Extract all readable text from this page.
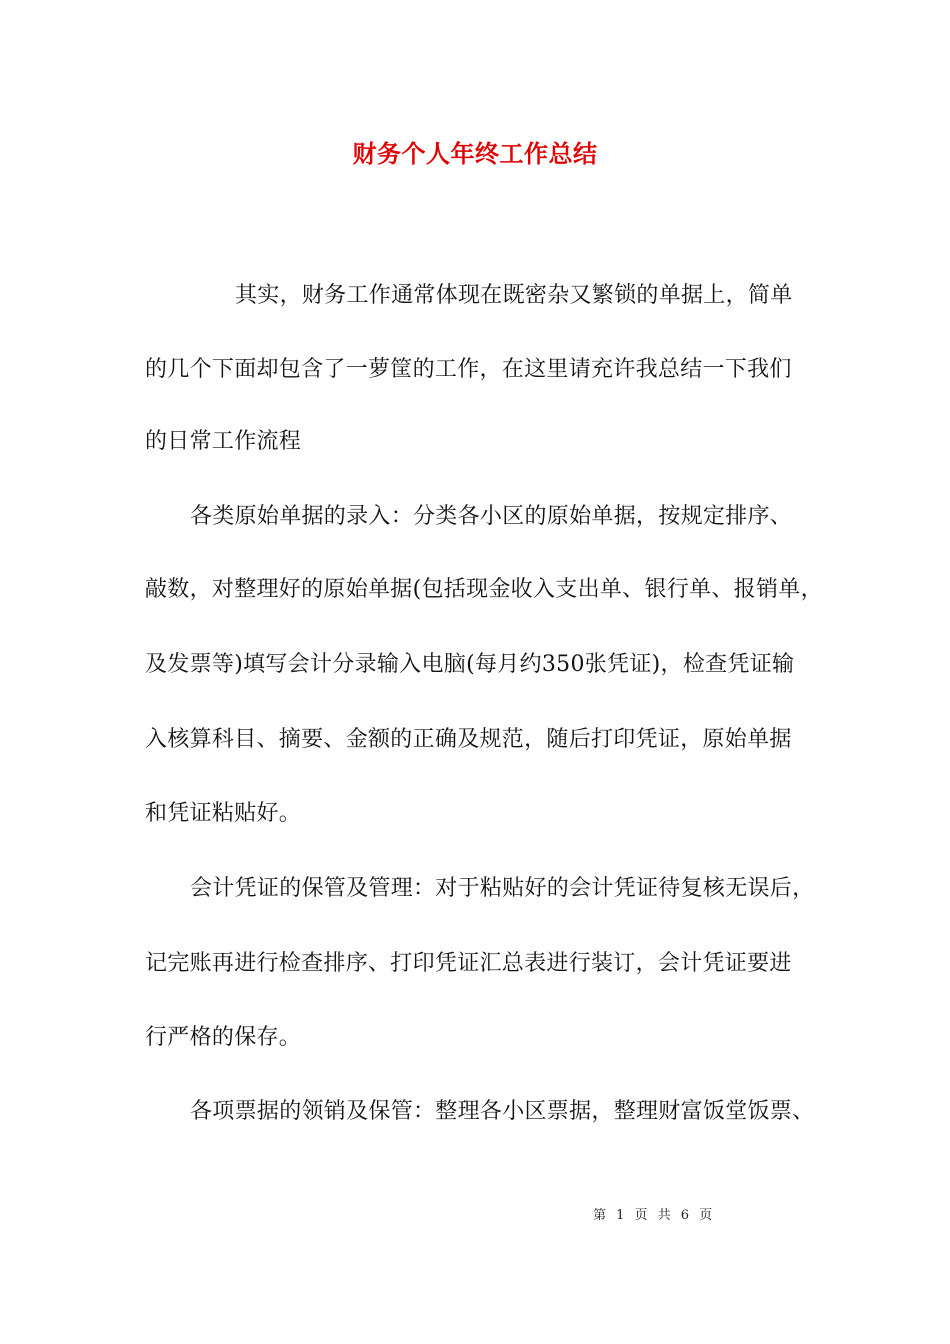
财务个人年终工作总结
其实，财务工作通常体现在既密杂又繁锁的单据上，简单
的几个下面却包含了一萝筐的工作，在这里请充许我总结一下我们
的日常工作流程
各类原始单据的录入：分类各小区的原始单据，按规定排序、
敲数，对整理好的原始单据(包括现金收入支出单、银行单、报销单，
及发票等)填写会计分录输入电脑(每月约350张凭证)，检查凭证输
入核算科目、摘要、金额的正确及规范，随后打印凭证，原始单据
和凭证粘贴好。
会计凭证的保管及管理：对于粘贴好的会计凭证待复核无误后，
记完账再进行检查排序、打印凭证汇总表进行装订，会计凭证要进
行严格的保存。
各项票据的领销及保管：整理各小区票据，整理财富饭堂饭票、
第 1 页 共 6 页
